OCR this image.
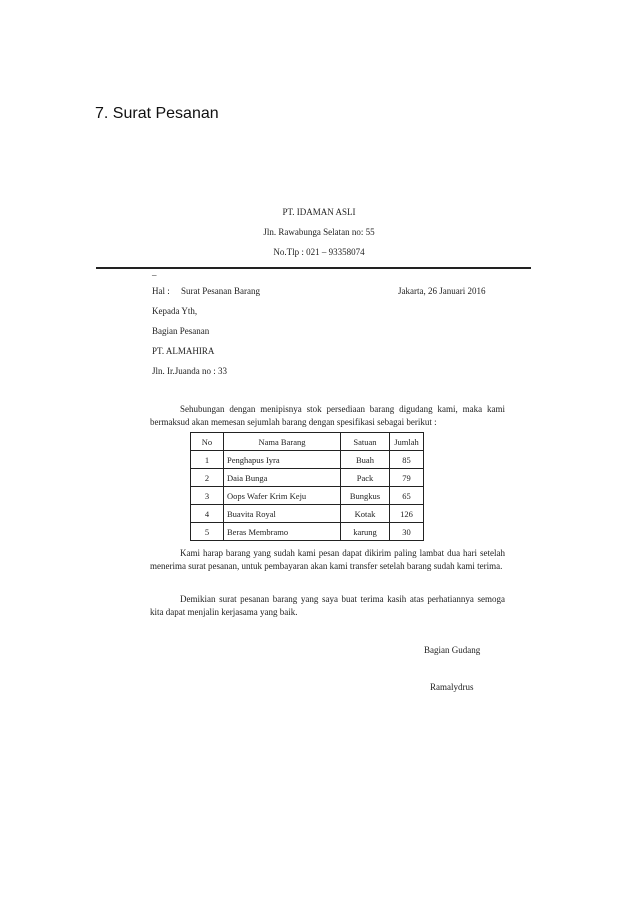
7. Surat Pesanan
PT. IDAMAN ASLI
Jln. Rawabunga Selatan no: 55
No.Tlp : 021 – 93358074
–
Hal : Surat Pesanan Barang	Jakarta, 26 Januari 2016
Kepada Yth,
Bagian Pesanan
PT. ALMAHIRA
Jln. Ir.Juanda no : 33
Sehubungan dengan menipisnya stok persediaan barang digudang kami, maka kami bermaksud akan memesan sejumlah barang dengan spesifikasi sebagai berikut :
No	Nama Barang	Satuan	Jumlah
1	Penghapus Iyra	Buah	85
2	Daia Bunga	Pack	79
3	Oops Wafer Krim Keju	Bungkus	65
4	Buavita Royal	Kotak	126
5	Beras Membramo	karung	30
Kami harap barang yang sudah kami pesan dapat dikirim paling lambat dua hari setelah menerima surat pesanan, untuk pembayaran akan kami transfer setelah barang sudah kami terima.
Demikian surat pesanan barang yang saya buat terima kasih atas perhatiannya semoga kita dapat menjalin kerjasama yang baik.
Bagian Gudang
Ramalydrus
